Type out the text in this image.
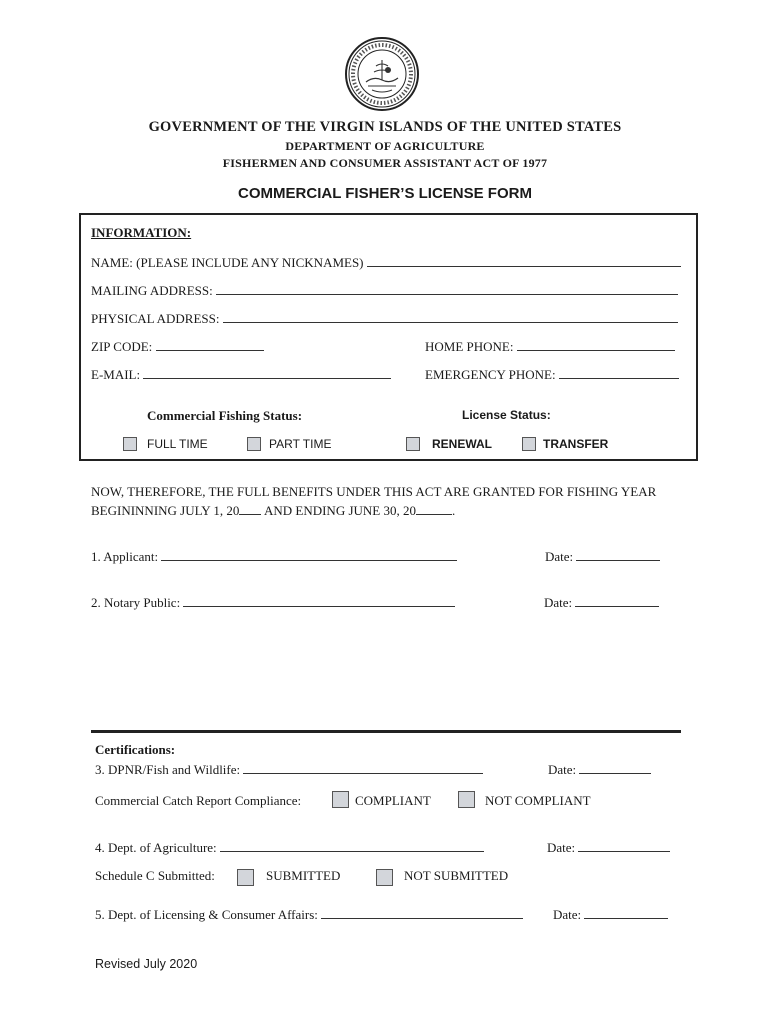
GOVERNMENT OF THE VIRGIN ISLANDS OF THE UNITED STATES
DEPARTMENT OF AGRICULTURE
FISHERMEN AND CONSUMER ASSISTANT ACT OF 1977
COMMERCIAL FISHER’S LICENSE FORM
INFORMATION:
NAME: (PLEASE INCLUDE ANY NICKNAMES)
MAILING ADDRESS:
PHYSICAL ADDRESS:
ZIP CODE:	HOME PHONE:
E-MAIL:	EMERGENCY PHONE:
Commercial Fishing Status:	License Status:
FULL TIME	PART TIME	RENEWAL	TRANSFER
NOW, THEREFORE, THE FULL BENEFITS UNDER THIS ACT ARE GRANTED FOR FISHING YEAR
BEGININNING JULY 1, 20 AND ENDING JUNE 30, 20	.
1. Applicant:	Date:
2. Notary Public:	Date:
Certifications:
3. DPNR/Fish and Wildlife:	Date:
Commercial Catch Report Compliance:	COMPLIANT	NOT COMPLIANT
4. Dept. of Agriculture:	Date:
Schedule C Submitted:	SUBMITTED	NOT SUBMITTED
5. Dept. of Licensing & Consumer Affairs:	Date:
Revised July 2020
